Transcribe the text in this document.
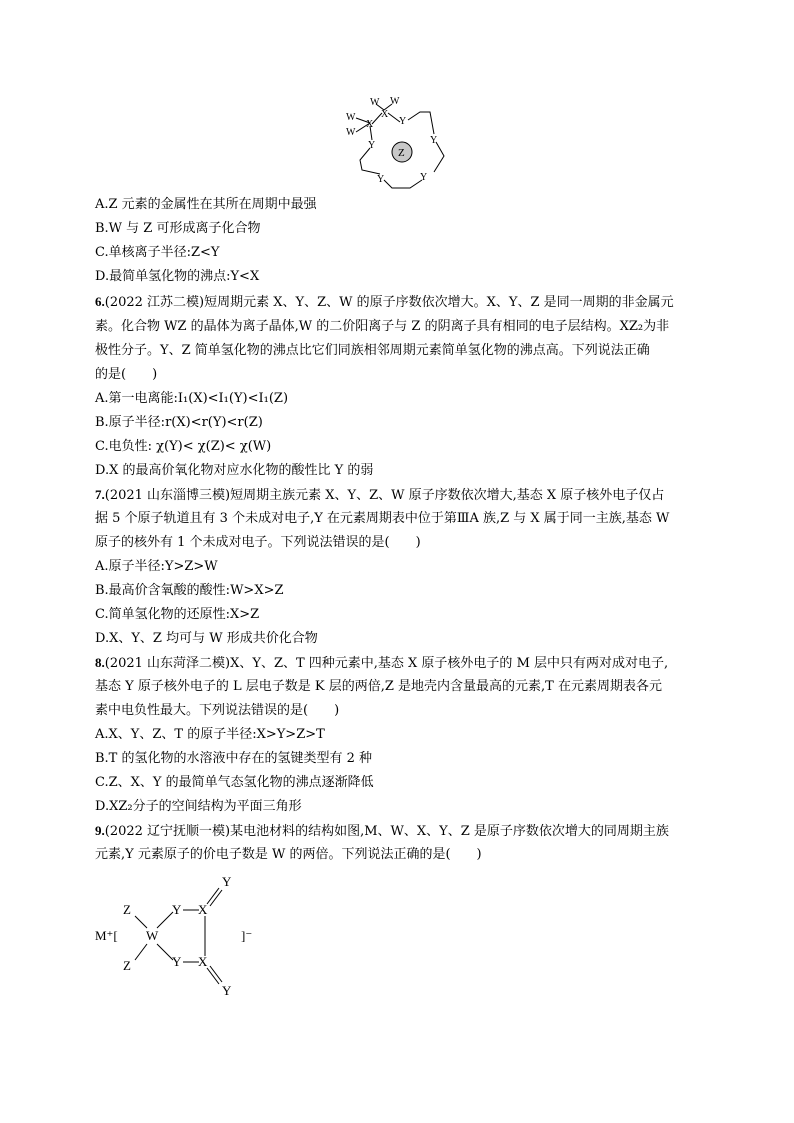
W W
X
W
W
X	Y
Y	Y
Y	Y
Z
A.Z 元素的金属性在其所在周期中最强
B.W 与 Z 可形成离子化合物
C.单核离子半径:Z<Y
D.最简单氢化物的沸点:Y<X
6.(2022 江苏二模)短周期元素 X、Y、Z、W 的原子序数依次增大。X、Y、Z 是同一周期的非金属元
素。化合物 WZ 的晶体为离子晶体,W 的二价阳离子与 Z 的阴离子具有相同的电子层结构。XZ₂为非
极性分子。Y、Z 简单氢化物的沸点比它们同族相邻周期元素简单氢化物的沸点高。下列说法正确
的是(　　)
A.第一电离能:I₁(X)<I₁(Y)<I₁(Z)
B.原子半径:r(X)<r(Y)<r(Z)
C.电负性: χ(Y)< χ(Z)< χ(W)
D.X 的最高价氧化物对应水化物的酸性比 Y 的弱
7.(2021 山东淄博三模)短周期主族元素 X、Y、Z、W 原子序数依次增大,基态 X 原子核外电子仅占
据 5 个原子轨道且有 3 个未成对电子,Y 在元素周期表中位于第ⅢA 族,Z 与 X 属于同一主族,基态 W
原子的核外有 1 个未成对电子。下列说法错误的是(　　)
A.原子半径:Y>Z>W
B.最高价含氧酸的酸性:W>X>Z
C.简单氢化物的还原性:X>Z
D.X、Y、Z 均可与 W 形成共价化合物
8.(2021 山东菏泽二模)X、Y、Z、T 四种元素中,基态 X 原子核外电子的 M 层中只有两对成对电子,
基态 Y 原子核外电子的 L 层电子数是 K 层的两倍,Z 是地壳内含量最高的元素,T 在元素周期表各元
素中电负性最大。下列说法错误的是(　　)
A.X、Y、Z、T 的原子半径:X>Y>Z>T
B.T 的氢化物的水溶液中存在的氢键类型有 2 种
C.Z、X、Y 的最简单气态氢化物的沸点逐渐降低
D.XZ₂分子的空间结构为平面三角形
9.(2022 辽宁抚顺一模)某电池材料的结构如图,M、W、X、Y、Z 是原子序数依次增大的同周期主族
元素,Y 元素原子的价电子数是 W 的两倍。下列说法正确的是(　　)
M⁺[
Z
Z
W
Y
Y
X
X
Y
Y
]⁻
